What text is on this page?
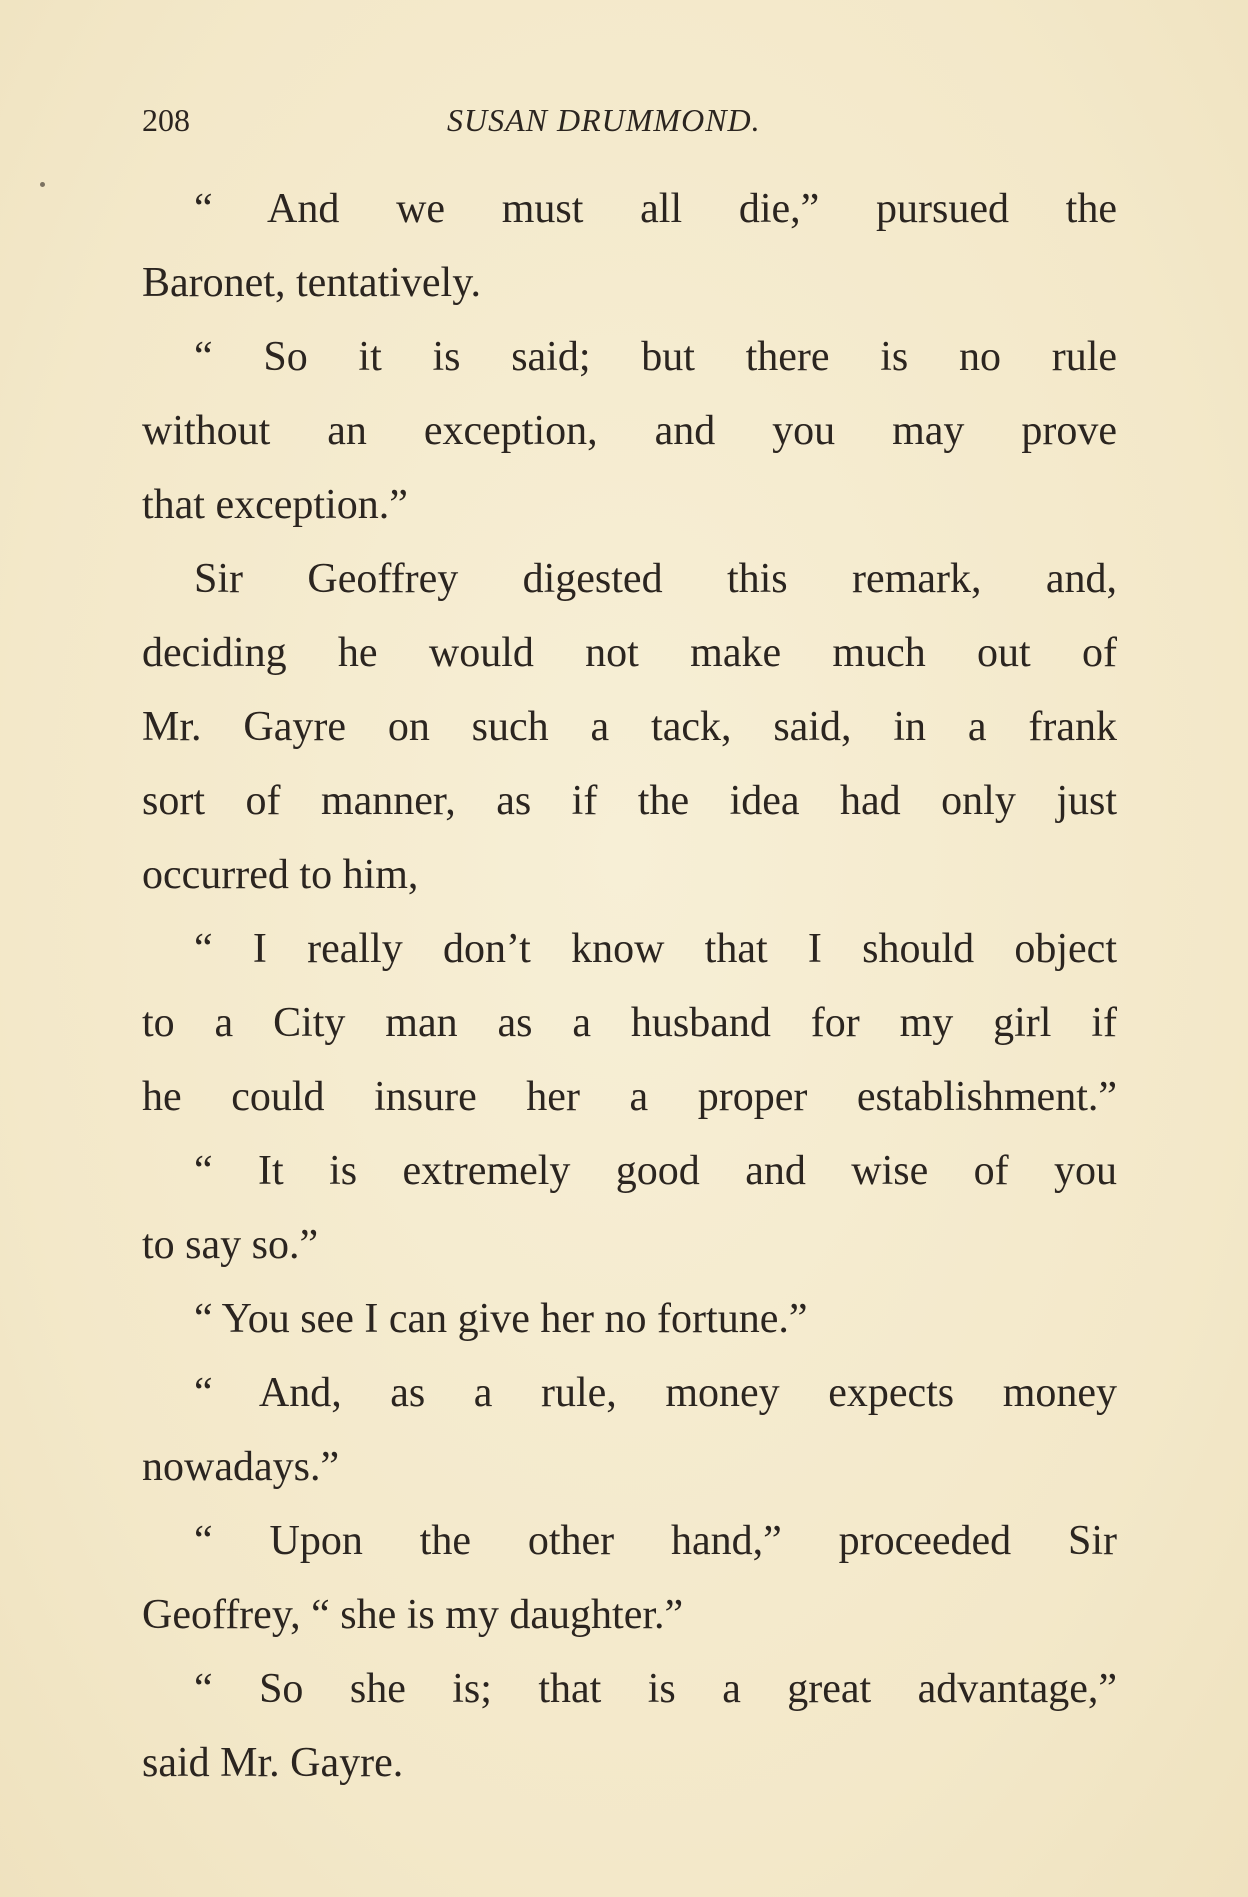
208	SUSAN DRUMMOND.
“ And we must all die,” pursued the
Baronet, tentatively.
“ So it is said; but there is no rule
without an exception, and you may prove
that exception.”
Sir Geoffrey digested this remark, and,
deciding he would not make much out of
Mr. Gayre on such a tack, said, in a frank
sort of manner, as if the idea had only just
occurred to him,
“ I really don’t know that I should object
to a City man as a husband for my girl if
he could insure her a proper establishment.”
“ It is extremely good and wise of you
to say so.”
“ You see I can give her no fortune.”
“ And, as a rule, money expects money
nowadays.”
“ Upon the other hand,” proceeded Sir
Geoffrey, “ she is my daughter.”
“ So she is; that is a great advantage,”
said Mr. Gayre.
